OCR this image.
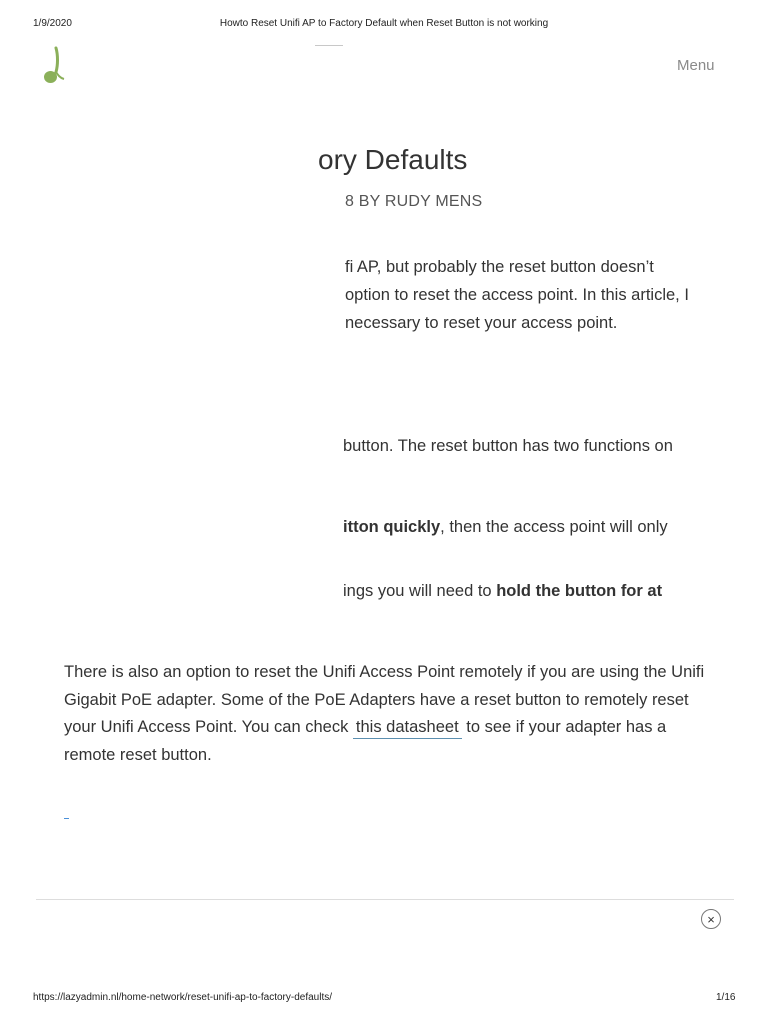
1/9/2020	Howto Reset Unifi AP to Factory Default when Reset Button is not working
Menu
ory Defaults
8 BY RUDY MENS
fi AP, but probably the reset button doesn’t
option to reset the access point. In this article, I
necessary to reset your access point.
button. The reset button has two functions on
itton quickly, then the access point will only
ings you will need to hold the button for at

There is also an option to reset the Unifi Access Point remotely if you are using the Unifi Gigabit PoE adapter. Some of the PoE Adapters have a reset button to remotely reset your Unifi Access Point. You can check this datasheet to see if your adapter has a remote reset button.

×
https://lazyadmin.nl/home-network/reset-unifi-ap-to-factory-defaults/	1/16
